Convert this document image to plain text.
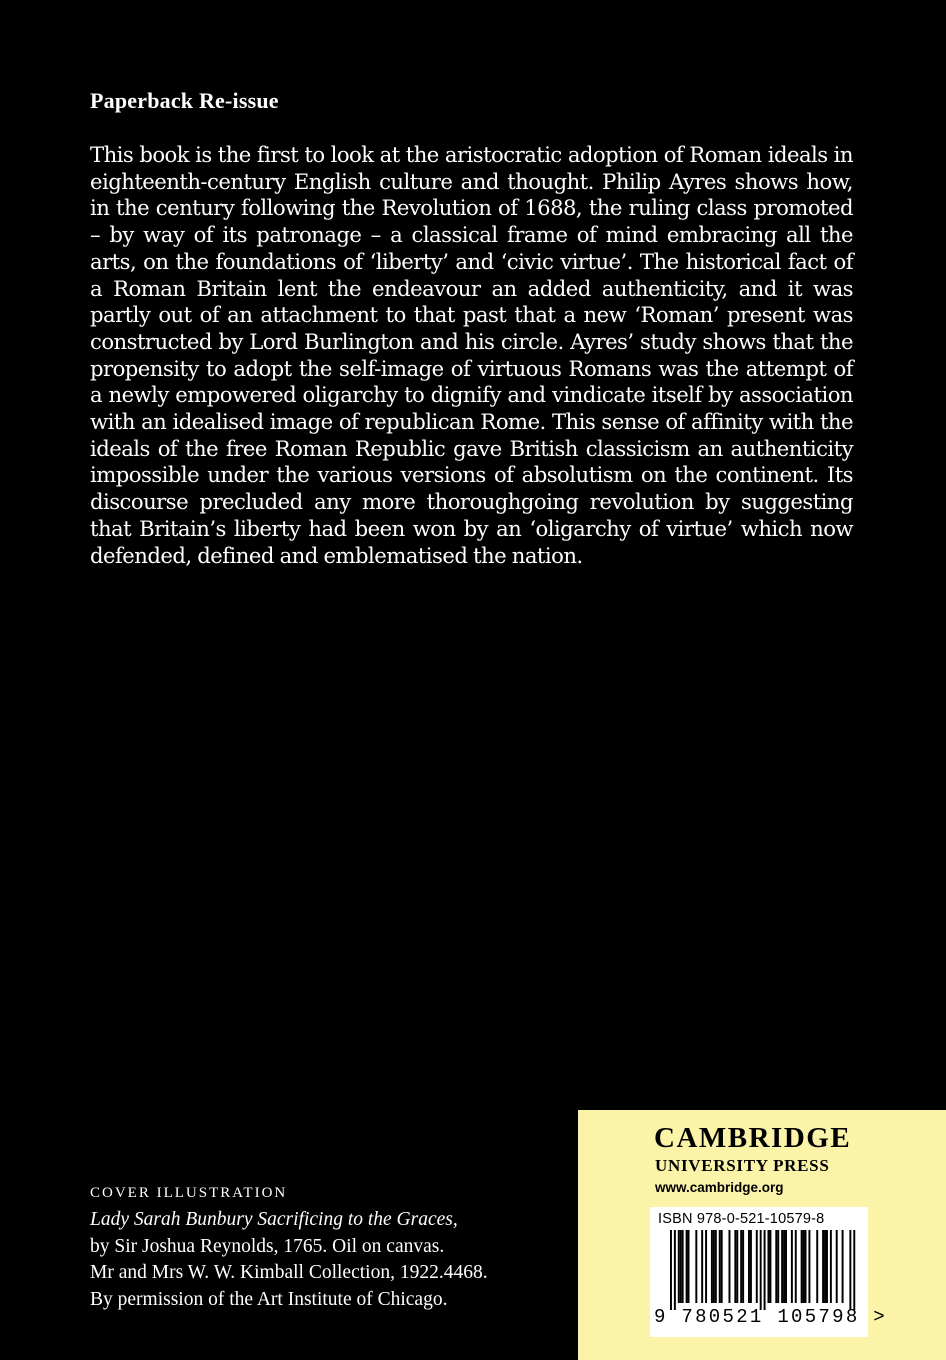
Paperback Re-issue

This book is the first to look at the aristocratic adoption of Roman ideals in eighteenth-century English culture and thought. Philip Ayres shows how, in the century following the Revolution of 1688, the ruling class promoted – by way of its patronage – a classical frame of mind embracing all the arts, on the foundations of ‘liberty’ and ‘civic virtue’. The historical fact of a Roman Britain lent the endeavour an added authenticity, and it was partly out of an attachment to that past that a new ‘Roman’ present was constructed by Lord Burlington and his circle. Ayres’ study shows that the propensity to adopt the self-image of virtuous Romans was the attempt of a newly empowered oligarchy to dignify and vindicate itself by association with an idealised image of republican Rome. This sense of affinity with the ideals of the free Roman Republic gave British classicism an authenticity impossible under the various versions of absolutism on the continent. Its discourse precluded any more thoroughgoing revolution by suggesting that Britain’s liberty had been won by an ‘oligarchy of virtue’ which now defended, defined and emblematised the nation.

COVER ILLUSTRATION
Lady Sarah Bunbury Sacrificing to the Graces,
by Sir Joshua Reynolds, 1765. Oil on canvas.
Mr and Mrs W. W. Kimball Collection, 1922.4468.
By permission of the Art Institute of Chicago.
CAMBRIDGE
UNIVERSITY PRESS
www.cambridge.org
ISBN 978-0-521-10579-8
9 780521 105798 >
